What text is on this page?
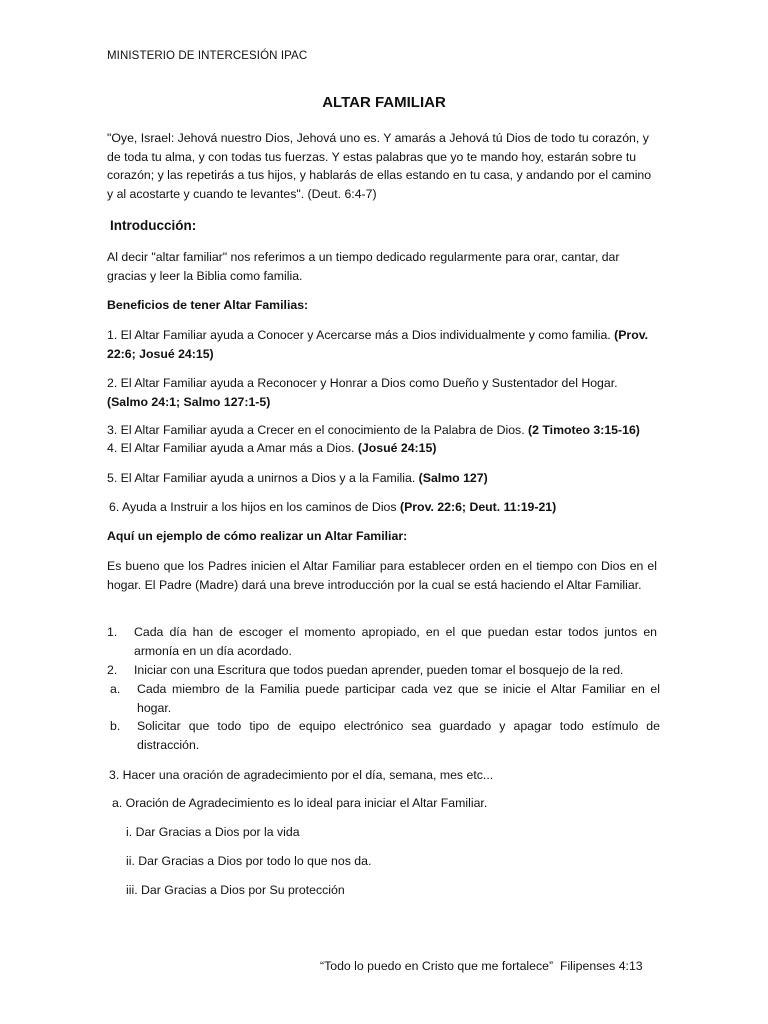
MINISTERIO DE INTERCESIÓN IPAC

ALTAR FAMILIAR

"Oye, Israel: Jehová nuestro Dios, Jehová uno es. Y amarás a Jehová tú Dios de todo tu corazón, y de toda tu alma, y con todas tus fuerzas. Y estas palabras que yo te mando hoy, estarán sobre tu corazón; y las repetirás a tus hijos, y hablarás de ellas estando en tu casa, y andando por el camino y al acostarte y cuando te levantes". (Deut. 6:4-7)

Introducción:

Al decir "altar familiar" nos referimos a un tiempo dedicado regularmente para orar, cantar, dar gracias y leer la Biblia como familia.

Beneficios de tener Altar Familias:

1. El Altar Familiar ayuda a Conocer y Acercarse más a Dios individualmente y como familia. (Prov. 22:6; Josué 24:15)

2. El Altar Familiar ayuda a Reconocer y Honrar a Dios como Dueño y Sustentador del Hogar. (Salmo 24:1; Salmo 127:1-5)

3. El Altar Familiar ayuda a Crecer en el conocimiento de la Palabra de Dios. (2 Timoteo 3:15-16)

4. El Altar Familiar ayuda a Amar más a Dios. (Josué 24:15)

5. El Altar Familiar ayuda a unirnos a Dios y a la Familia. (Salmo 127)

6. Ayuda a Instruir a los hijos en los caminos de Dios (Prov. 22:6; Deut. 11:19-21)

Aquí un ejemplo de cómo realizar un Altar Familiar:

Es bueno que los Padres inicien el Altar Familiar para establecer orden en el tiempo con Dios en el hogar. El Padre (Madre) dará una breve introducción por la cual se está haciendo el Altar Familiar.

1. Cada día han de escoger el momento apropiado, en el que puedan estar todos juntos en armonía en un día acordado.
2. Iniciar con una Escritura que todos puedan aprender, pueden tomar el bosquejo de la red.
a. Cada miembro de la Familia puede participar cada vez que se inicie el Altar Familiar en el hogar.
b. Solicitar que todo tipo de equipo electrónico sea guardado y apagar todo estímulo de distracción.

3. Hacer una oración de agradecimiento por el día, semana, mes etc...

a. Oración de Agradecimiento es lo ideal para iniciar el Altar Familiar.

i. Dar Gracias a Dios por la vida

ii. Dar Gracias a Dios por todo lo que nos da.

iii. Dar Gracias a Dios por Su protección

“Todo lo puedo en Cristo que me fortalece” Filipenses 4:13
